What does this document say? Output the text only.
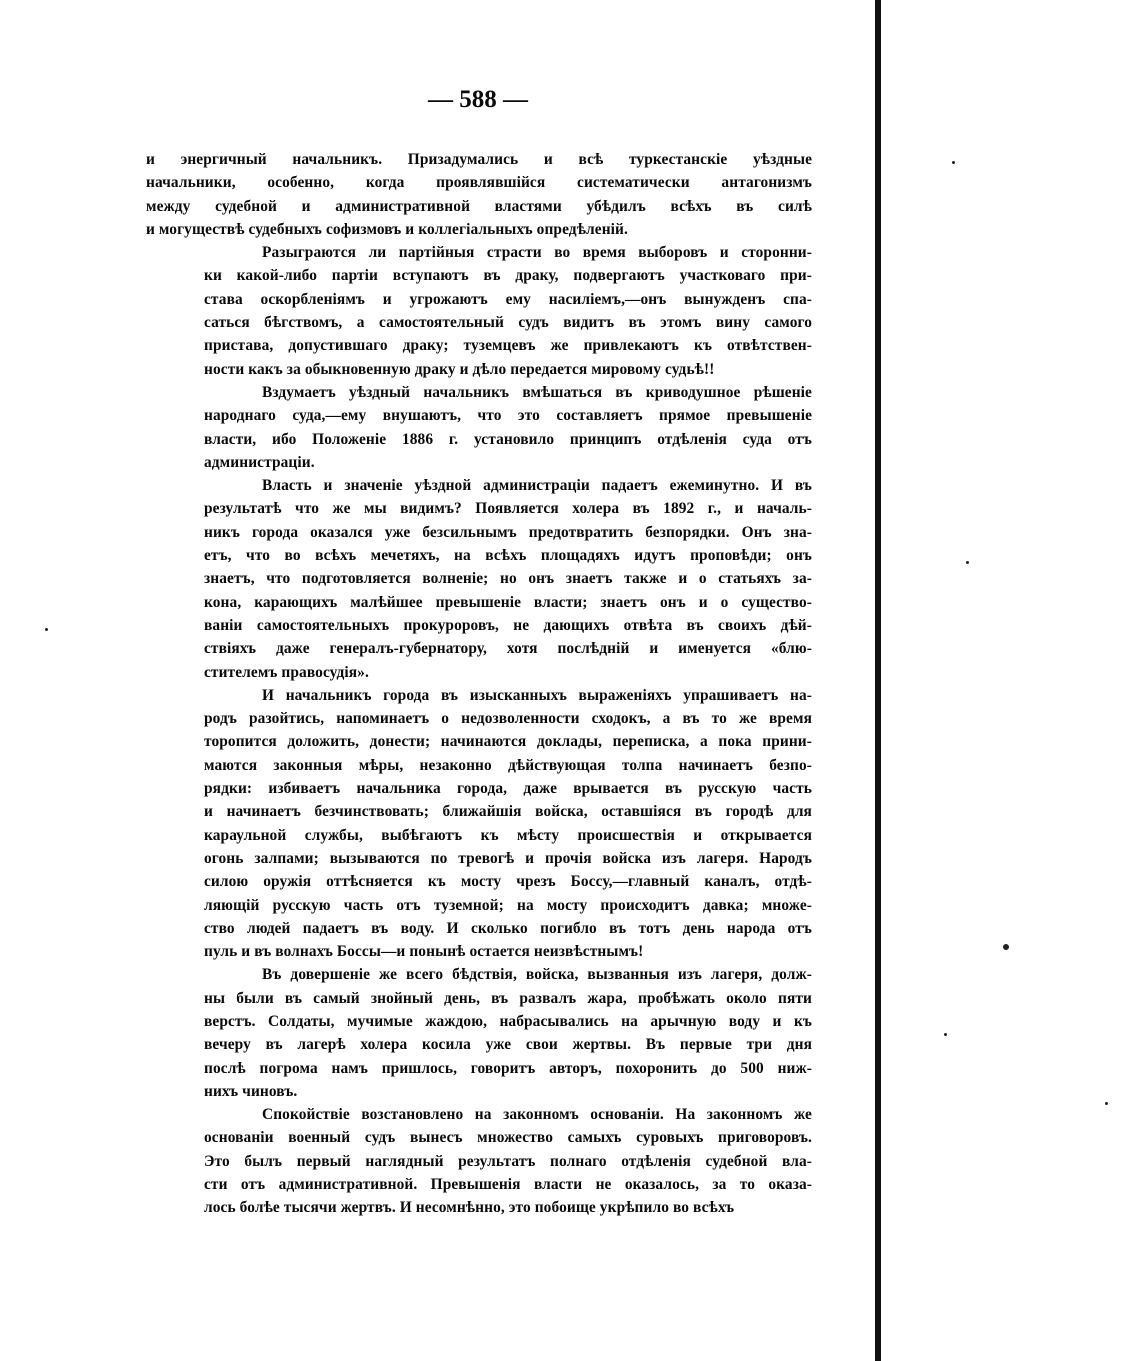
— 588 —
и энергичный начальникъ. Призадумались и всѣ туркестанскіе уѣздные
начальники, особенно, когда проявлявшійся систематически антагонизмъ
между судебной и административной властями убѣдилъ всѣхъ въ силѣ
и могуществѣ судебныхъ софизмовъ и коллегіальныхъ опредѣленій.
Разыграются ли партійныя страсти во время выборовъ и сторонни-
ки какой-либо партіи вступаютъ въ драку, подвергаютъ участковаго при-
става оскорбленіямъ и угрожаютъ ему насиліемъ,—онъ вынужденъ спа-
саться бѣгствомъ, а самостоятельный судъ видитъ въ этомъ вину самого
пристава, допустившаго драку; туземцевъ же привлекаютъ къ отвѣтствен-
ности какъ за обыкновенную драку и дѣло передается мировому судьѣ!!
Вздумаетъ уѣздный начальникъ вмѣшаться въ криводушное рѣшеніе
народнаго суда,—ему внушаютъ, что это составляетъ прямое превышеніе
власти, ибо Положеніе 1886 г. установило принципъ отдѣленія суда отъ
администраціи.
Власть и значеніе уѣздной администраціи падаетъ ежеминутно. И въ
результатѣ что же мы видимъ? Появляется холера въ 1892 г., и началь-
никъ города оказался уже безсильнымъ предотвратить безпорядки. Онъ зна-
етъ, что во всѣхъ мечетяхъ, на всѣхъ площадяхъ идутъ проповѣди; онъ
знаетъ, что подготовляется волненіе; но онъ знаетъ также и о статьяхъ за-
кона, карающихъ малѣйшее превышеніе власти; знаетъ онъ и о существо-
ваніи самостоятельныхъ прокуроровъ, не дающихъ отвѣта въ своихъ дѣй-
ствіяхъ даже генералъ-губернатору, хотя послѣдній и именуется «блю-
стителемъ правосудія».
И начальникъ города въ изысканныхъ выраженіяхъ упрашиваетъ на-
родъ разойтись, напоминаетъ о недозволенности сходокъ, а въ то же время
торопится доложить, донести; начинаются доклады, переписка, а пока прини-
маются законныя мѣры, незаконно дѣйствующая толпа начинаетъ безпо-
рядки: избиваетъ начальника города, даже врывается въ русскую часть
и начинаетъ безчинствовать; ближайшія войска, оставшіяся въ городѣ для
караульной службы, выбѣгаютъ къ мѣсту происшествія и открывается
огонь залпами; вызываются по тревогѣ и прочія войска изъ лагеря. Народъ
силою оружія оттѣсняется къ мосту чрезъ Боссу,—главный каналъ, отдѣ-
ляющій русскую часть отъ туземной; на мосту происходитъ давка; множе-
ство людей падаетъ въ воду. И сколько погибло въ тотъ день народа отъ
пуль и въ волнахъ Боссы—и понынѣ остается неизвѣстнымъ!
Въ довершеніе же всего бѣдствія, войска, вызванныя изъ лагеря, долж-
ны были въ самый знойный день, въ развалъ жара, пробѣжать около пяти
верстъ. Солдаты, мучимые жаждою, набрасывались на арычную воду и къ
вечеру въ лагерѣ холера косила уже свои жертвы. Въ первые три дня
послѣ погрома намъ пришлось, говоритъ авторъ, похоронить до 500 ниж-
нихъ чиновъ.
Спокойствіе возстановлено на законномъ основаніи. На законномъ же
основаніи военный судъ вынесъ множество самыхъ суровыхъ приговоровъ.
Это былъ первый наглядный результатъ полнаго отдѣленія судебной вла-
сти отъ административной. Превышенія власти не оказалось, за то оказа-
лось болѣе тысячи жертвъ. И несомнѣнно, это побоище укрѣпило во всѣхъ
